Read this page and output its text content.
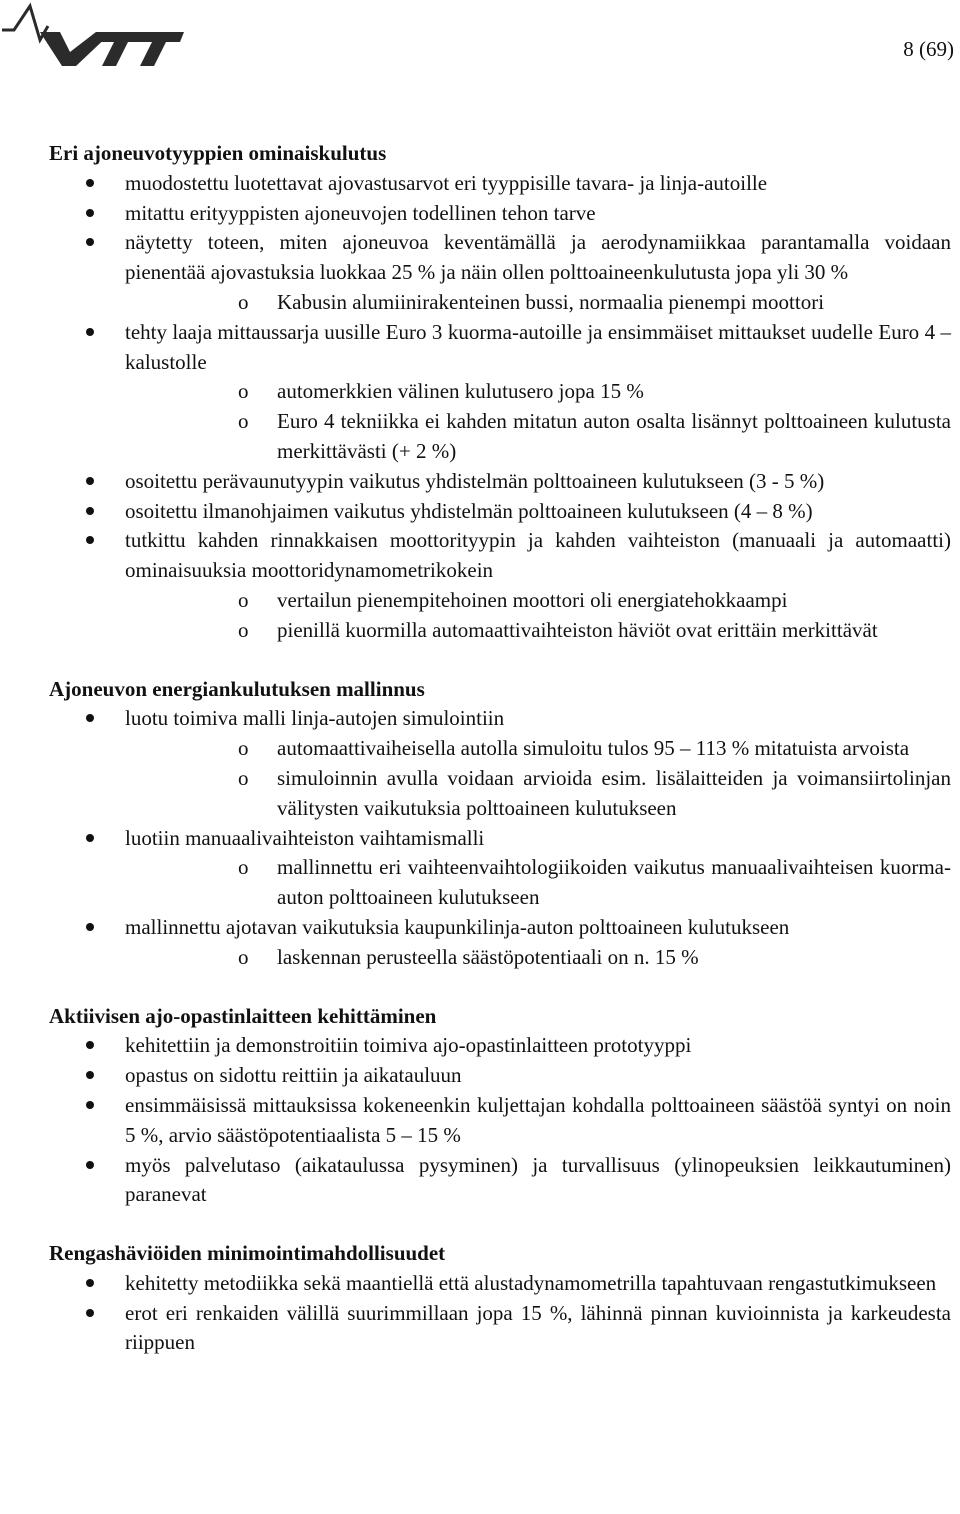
8 (69)
Eri ajoneuvotyyppien ominaiskulutus
muodostettu luotettavat ajovastusarvot eri tyyppisille tavara- ja linja-autoille
mitattu erityyppisten ajoneuvojen todellinen tehon tarve
näytetty toteen, miten ajoneuvoa keventämällä ja aerodynamiikkaa parantamalla voidaan pienentää ajovastuksia luokkaa 25 % ja näin ollen polttoaineenkulutusta jopa yli 30 %
o Kabusin alumiinirakenteinen bussi, normaalia pienempi moottori
tehty laaja mittaussarja uusille Euro 3 kuorma-autoille ja ensimmäiset mittaukset uudelle Euro 4 –kalustolle
o automerkkien välinen kulutusero jopa 15 %
o Euro 4 tekniikka ei kahden mitatun auton osalta lisännyt polttoaineen kulutusta merkittävästi (+ 2 %)
osoitettu perävaunutyypin vaikutus yhdistelmän polttoaineen kulutukseen (3 - 5 %)
osoitettu ilmanohjaimen vaikutus yhdistelmän polttoaineen kulutukseen (4 – 8 %)
tutkittu kahden rinnakkaisen moottorityypin ja kahden vaihteiston (manuaali ja automaatti) ominaisuuksia moottoridynamometrikokein
o vertailun pienempitehoinen moottori oli energiatehokkaampi
o pienillä kuormilla automaattivaihteiston häviöt ovat erittäin merkittävät
Ajoneuvon energiankulutuksen mallinnus
luotu toimiva malli linja-autojen simulointiin
o automaattivaiheisella autolla simuloitu tulos 95 – 113 % mitatuista arvoista
o simuloinnin avulla voidaan arvioida esim. lisälaitteiden ja voimansiirtolinjan välitysten vaikutuksia polttoaineen kulutukseen
luotiin manuaalivaihteiston vaihtamismalli
o mallinnettu eri vaihteenvaihtologiikoiden vaikutus manuaalivaihteisen kuorma-auton polttoaineen kulutukseen
mallinnettu ajotavan vaikutuksia kaupunkilinja-auton polttoaineen kulutukseen
o laskennan perusteella säästöpotentiaali on n. 15 %
Aktiivisen ajo-opastinlaitteen kehittäminen
kehitettiin ja demonstroitiin toimiva ajo-opastinlaitteen prototyyppi
opastus on sidottu reittiin ja aikatauluun
ensimmäisissä mittauksissa kokeneenkin kuljettajan kohdalla polttoaineen säästöä syntyi on noin 5 %, arvio säästöpotentiaalista 5 – 15 %
myös palvelutaso (aikataulussa pysyminen) ja turvallisuus (ylinopeuksien leikkautuminen) paranevat
Rengashäviöiden minimointimahdollisuudet
kehitetty metodiikka sekä maantiellä että alustadynamometrilla tapahtuvaan rengastutkimukseen
erot eri renkaiden välillä suurimmillaan jopa 15 %, lähinnä pinnan kuvioinnista ja karkeudesta riippuen
